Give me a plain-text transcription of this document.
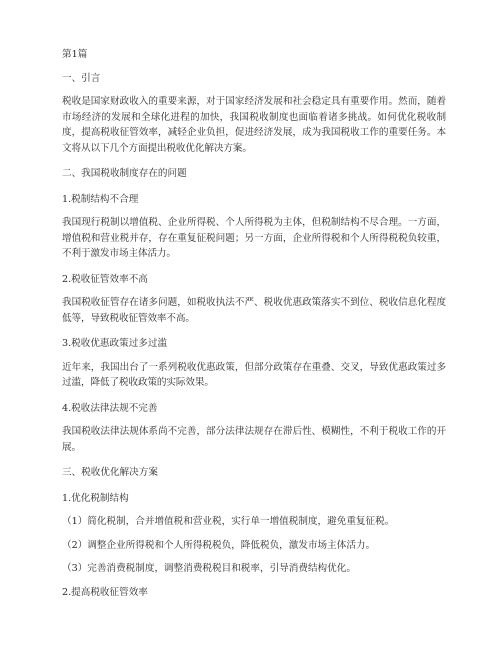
第1篇
一、引言
税收是国家财政收入的重要来源，对于国家经济发展和社会稳定具有重要作用。然而，随着市场经济的发展和全球化进程的加快，我国税收制度也面临着诸多挑战。如何优化税收制度，提高税收征管效率，减轻企业负担，促进经济发展，成为我国税收工作的重要任务。本文将从以下几个方面提出税收优化解决方案。
二、我国税收制度存在的问题
1.税制结构不合理
我国现行税制以增值税、企业所得税、个人所得税为主体，但税制结构不尽合理。一方面，增值税和营业税并存，存在重复征税问题；另一方面，企业所得税和个人所得税税负较重，不利于激发市场主体活力。
2.税收征管效率不高
我国税收征管存在诸多问题，如税收执法不严、税收优惠政策落实不到位、税收信息化程度低等，导致税收征管效率不高。
3.税收优惠政策过多过滥
近年来，我国出台了一系列税收优惠政策，但部分政策存在重叠、交叉，导致优惠政策过多过滥，降低了税收政策的实际效果。
4.税收法律法规不完善
我国税收法律法规体系尚不完善，部分法律法规存在滞后性、模糊性，不利于税收工作的开展。
三、税收优化解决方案
1.优化税制结构
（1）简化税制，合并增值税和营业税，实行单一增值税制度，避免重复征税。
（2）调整企业所得税和个人所得税税负，降低税负，激发市场主体活力。
（3）完善消费税制度，调整消费税税目和税率，引导消费结构优化。
2.提高税收征管效率
